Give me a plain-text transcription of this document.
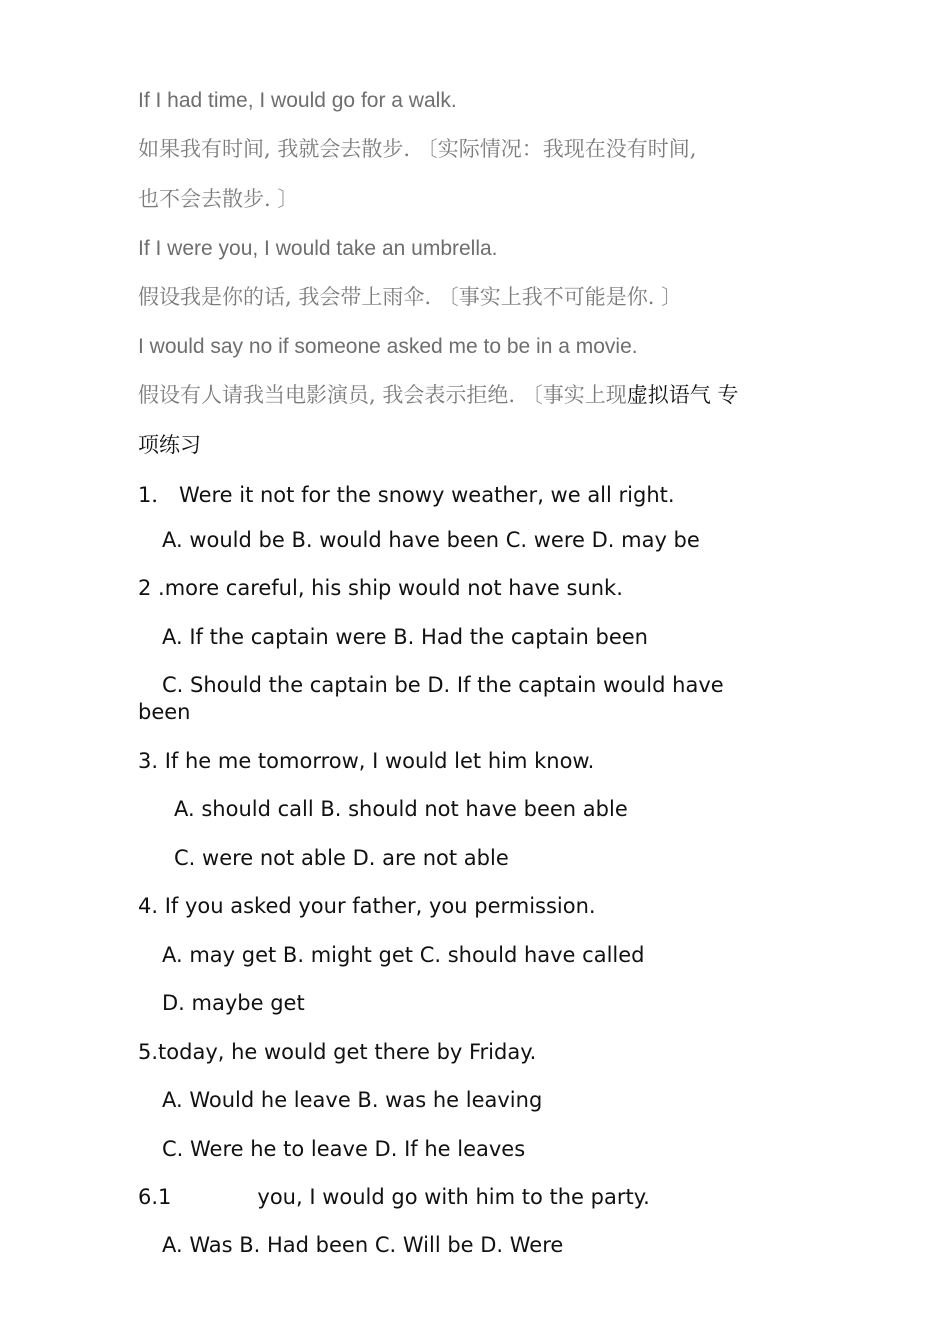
If I had time, I would go for a walk.

如果我有时间, 我就会去散步. 〔实际情况：我现在没有时间,

也不会去散步. 〕

If I were you, I would take an umbrella.

假设我是你的话, 我会带上雨伞. 〔事实上我不可能是你. 〕

I would say no if someone asked me to be in a movie.

假设有人请我当电影演员, 我会表示拒绝. 〔事实上现虚拟语气 专

项练习

1． Were it not for the snowy weather, we all right.

A. would be B. would have been C. were D. may be

2 .more careful, his ship would not have sunk.

A. If the captain were B. Had the captain been

C. Should the captain be D. If the captain would have

been

3. If he me tomorrow, I would let him know.

A. should call B. should not have been able

C. were not able D. are not able

4. If you asked your father, you permission.

A. may get B. might get C. should have called

D. maybe get

5.today, he would get there by Friday.

A. Would he leave B. was he leaving

C. Were he to leave D. If he leaves

6.1	you, I would go with him to the party.

A. Was B. Had been C. Will be D. Were
